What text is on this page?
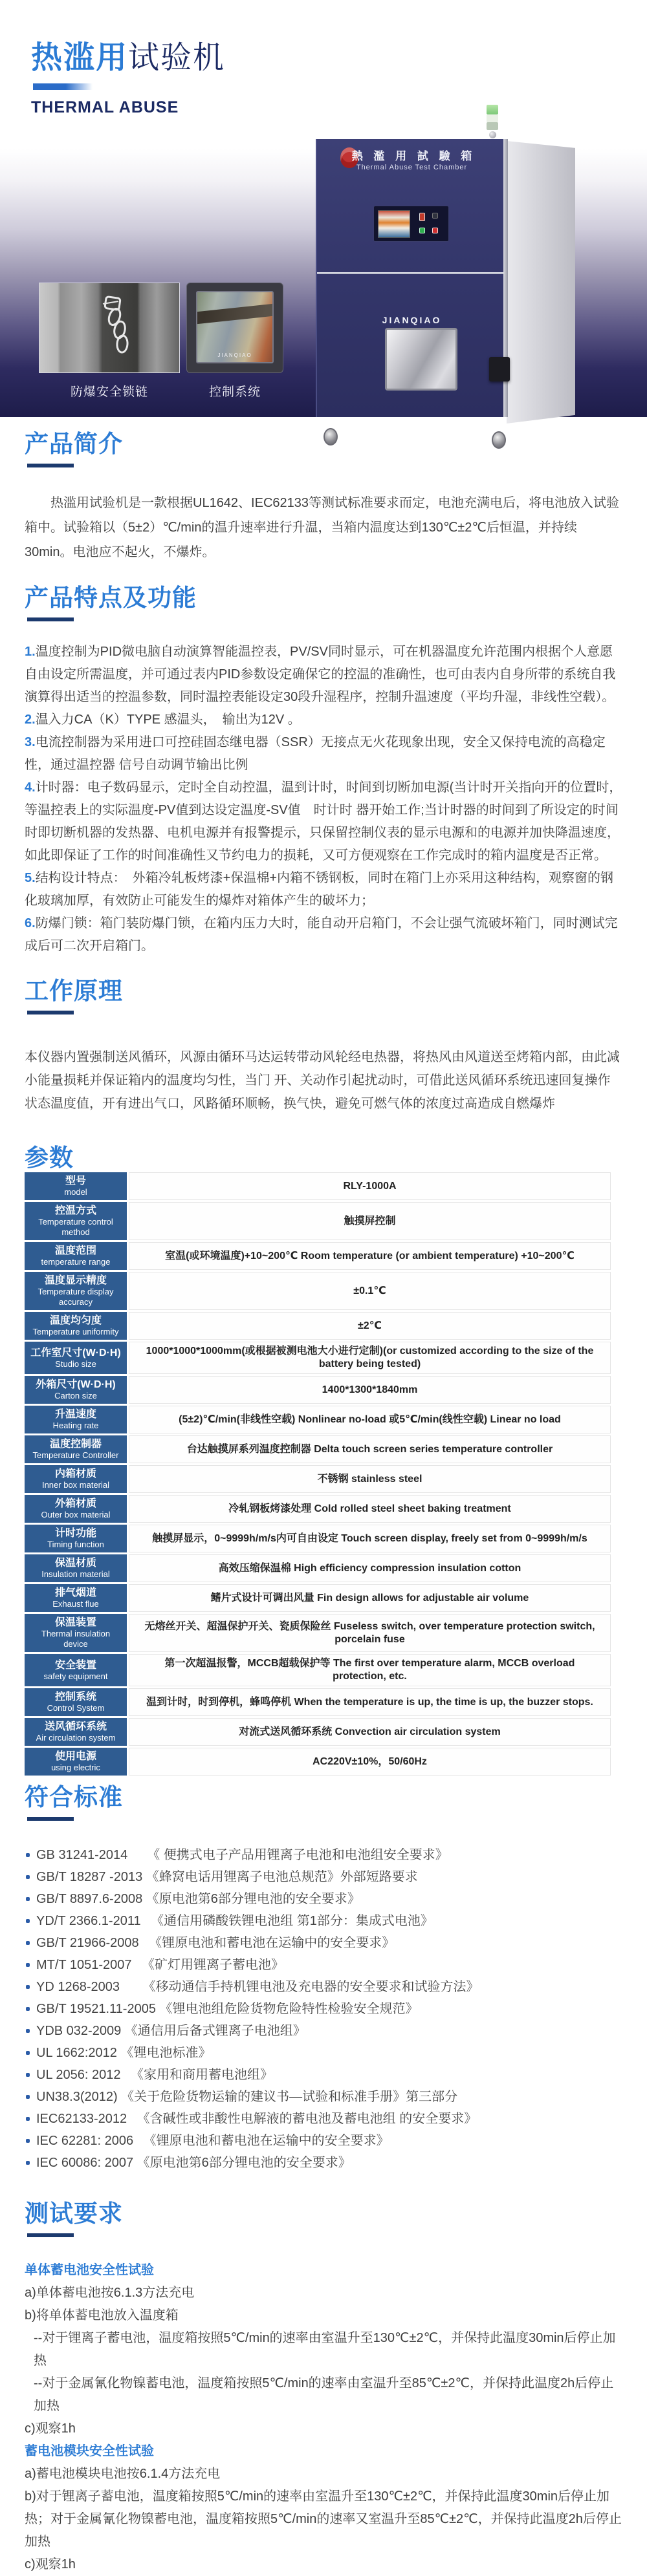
热滥用试验机
THERMAL ABUSE
熱 濫 用 試 驗 箱
Thermal Abuse Test Chamber
JIANQIAO
防爆安全锁链
JIANQIAO
控制系统
产品简介

热滥用试验机是一款根据UL1642、IEC62133等测试标准要求而定，电池充满电后，将电池放入试验箱中。试验箱以（5±2）℃/min的温升速率进行升温，当箱内温度达到130℃±2℃后恒温，并持续30min。电池应不起火，不爆炸。

产品特点及功能

1.温度控制为PID微电脑自动演算智能温控表，PV/SV同时显示，可在机器温度允许范围内根据个人意愿自由设定所需温度，并可通过表内PID参数设定确保它的控温的准确性，也可由表内自身所带的系统自我演算得出适当的控温参数，同时温控表能设定30段升湿程序，控制升温速度（平均升湿，非线性空载）。

2.温入力CA（K）TYPE 感温头，　输出为12V 。

3.电流控制器为采用进口可控硅固态继电器（SSR）无接点无火花现象出现，安全又保持电流的高稳定性，通过温控器 信号自动调节输出比例

4.计时器：电子数码显示，定时全自动控温，温到计时，时间到切断加电源(当计时开关指向开的位置时，等温控表上的实际温度-PV值到达设定温度-SV值　时计时 器开始工作;当计时器的时间到了所设定的时间时即切断机器的发热器、电机电源并有报警提示，只保留控制仪表的显示电源和的电源并加快降温速度，如此即保证了工作的时间准确性又节约电力的损耗，又可方便观察在工作完成时的箱内温度是否正常。

5.结构设计特点：　外箱冷轧板烤漆+保温棉+内箱不锈钢板，同时在箱门上亦采用这种结构，观察窗的钢化玻璃加厚，有效防止可能发生的爆炸对箱体产生的破坏力；

6.防爆门锁：箱门装防爆门锁，在箱内压力大时，能自动开启箱门，不会让强气流破坏箱门，同时测试完成后可二次开启箱门。

工作原理

本仪器内置强制送风循环，风源由循环马达运转带动风轮经电热器，将热风由风道送至烤箱内部，由此减小能量损耗并保证箱内的温度均匀性，当门 开、关动作引起扰动时，可借此送风循环系统迅速回复操作状态温度值，开有进出气口，风路循环顺畅，换气快，避免可燃气体的浓度过高造成自燃爆炸

参数
型号
model
RLY-1000A
控温方式
Temperature control method
触摸屏控制
温度范围
temperature range
室温(或环境温度)+10~200℃ Room temperature (or ambient temperature) +10~200℃
温度显示精度
Temperature display accuracy
±0.1℃
温度均匀度
Temperature uniformity
±2℃
工作室尺寸(W·D·H)
Studio size
1000*1000*1000mm(或根据被测电池大小进行定制)(or customized according to the size of the battery being tested)
外箱尺寸(W·D·H)
Carton size
1400*1300*1840mm
升温速度
Heating rate
(5±2)℃/min(非线性空载) Nonlinear no-load 或5℃/min(线性空载) Linear no load
温度控制器
Temperature Controller
台达触摸屏系列温度控制器 Delta touch screen series temperature controller
内箱材质
Inner box material
不锈钢 stainless steel
外箱材质
Outer box material
冷轧钢板烤漆处理 Cold rolled steel sheet baking treatment
计时功能
Timing function
触摸屏显示，0~9999h/m/s内可自由设定 Touch screen display, freely set from 0~9999h/m/s
保温材质
Insulation material
高效压缩保温棉 High efficiency compression insulation cotton
排气烟道
Exhaust flue
鳍片式设计可调出风量 Fin design allows for adjustable air volume
保温装置
Thermal insulation device
无熔丝开关、超温保护开关、瓷质保险丝 Fuseless switch, over temperature protection switch, porcelain fuse
安全装置
safety equipment
第一次超温报警，MCCB超载保护等 The first over temperature alarm, MCCB overload protection, etc.
控制系统
Control System
温到计时，时到停机，蜂鸣停机 When the temperature is up, the time is up, the buzzer stops.
送风循环系统
Air circulation system
对流式送风循环系统 Convection air circulation system
使用电源
using electric
AC220V±10%，50/60Hz
符合标准
GB 31241-2014　　《 便携式电子产品用锂离子电池和电池组安全要求》
GB/T 18287 -2013 《蜂窝电话用锂离子电池总规范》外部短路要求
GB/T 8897.6-2008 《原电池第6部分锂电池的安全要求》
YD/T 2366.1-2011 　《通信用磷酸铁锂电池组 第1部分：集成式电池》
GB/T 21966-2008 　《锂原电池和蓄电池在运输中的安全要求》
MT/T 1051-2007 　《矿灯用锂离子蓄电池》
YD 1268-2003 　　《移动通信手持机锂电池及充电器的安全要求和试验方法》
GB/T 19521.11-2005 《锂电池组危险货物危险特性检验安全规范》
YDB 032-2009 《通信用后备式锂离子电池组》
UL 1662:2012 《锂电池标准》
UL 2056: 2012 　《家用和商用蓄电池组》
UN38.3(2012) 《关于危险货物运输的建议书—试验和标准手册》第三部分
IEC62133-2012 　《含碱性或非酸性电解液的蓄电池及蓄电池组 的安全要求》
IEC 62281: 2006 　《锂原电池和蓄电池在运输中的安全要求》
IEC 60086: 2007 《原电池第6部分锂电池的安全要求》
测试要求

单体蓄电池安全性试验

a)单体蓄电池按6.1.3方法充电

b)将单体蓄电池放入温度箱

--对于锂离子蓄电池，温度箱按照5℃/min的速率由室温升至130℃±2℃，并保持此温度30min后停止加热

--对于金属氰化物镍蓄电池，温度箱按照5℃/min的速率由室温升至85℃±2℃，并保持此温度2h后停止加热

c)观察1h

蓄电池模块安全性试验

a)蓄电池模块电池按6.1.4方法充电

b)对于锂离子蓄电池，温度箱按照5℃/min的速率由室温升至130℃±2℃，并保持此温度30min后停止加热；对于金属氰化物镍蓄电池，温度箱按照5℃/min的速率又室温升至85℃±2℃，并保持此温度2h后停止加热

c)观察1h
